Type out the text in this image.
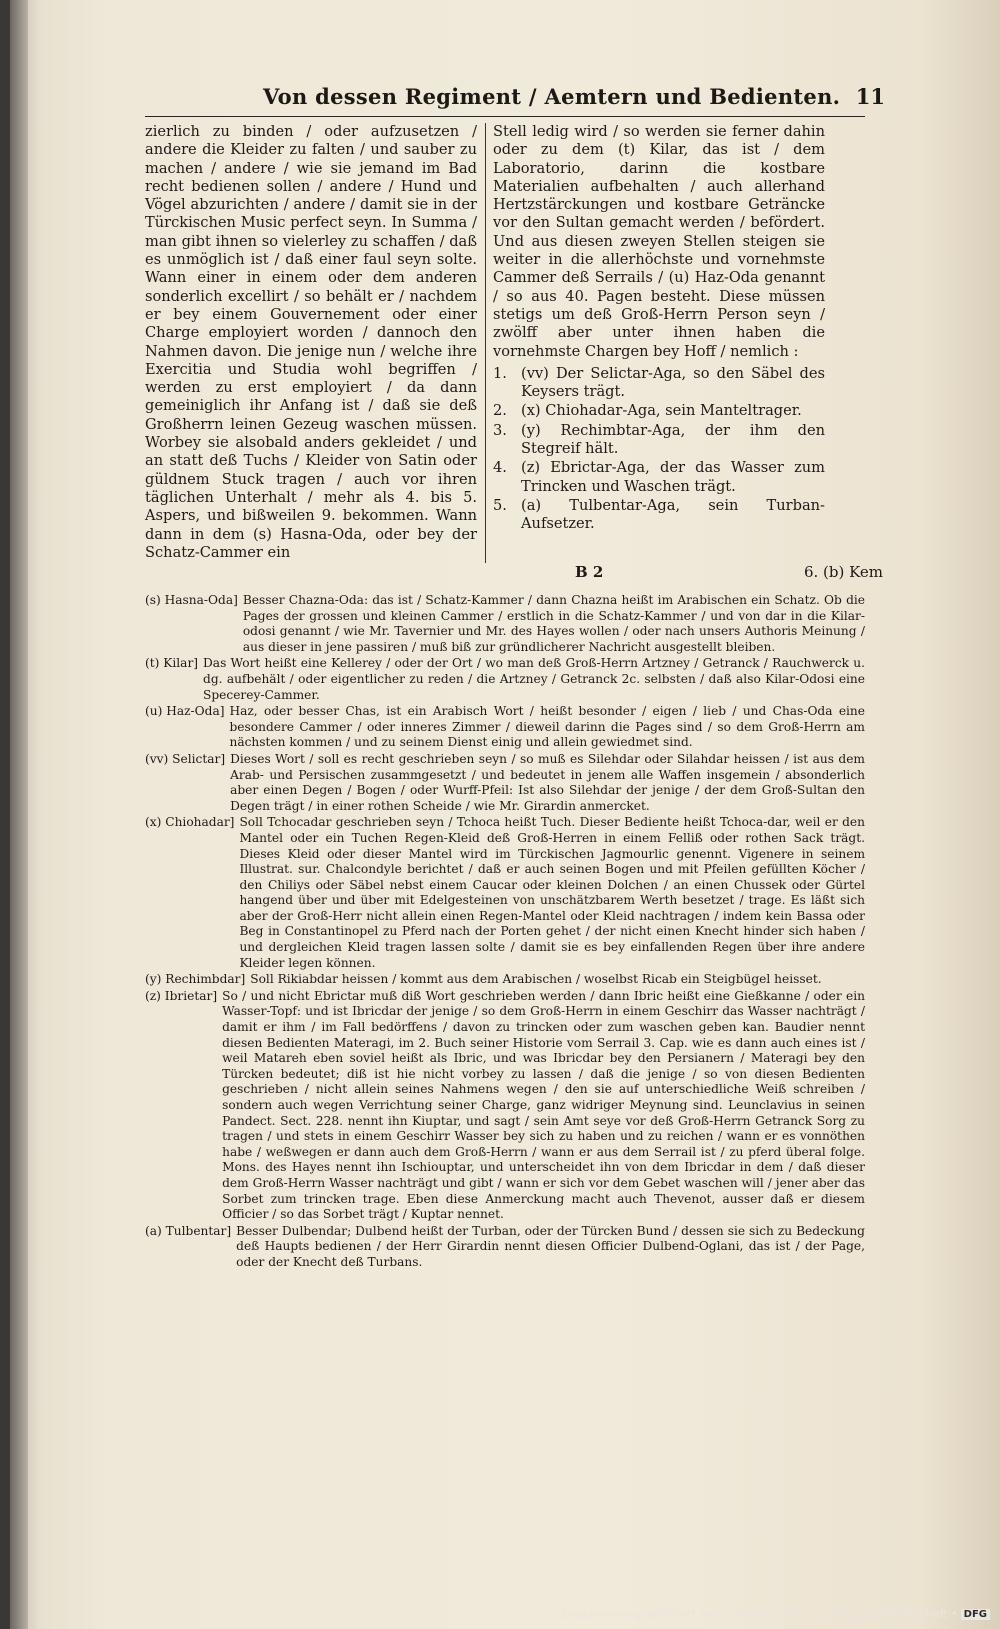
Von dessen Regiment / Aemtern und Bedienten. 11

zierlich zu binden / oder aufzusetzen / andere die Kleider zu falten / und sauber zu machen / andere / wie sie jemand im Bad recht bedienen sollen / andere / Hund und Vögel abzurichten / andere / damit sie in der Türckischen Music perfect seyn. In Summa / man gibt ihnen so vielerley zu schaffen / daß es unmöglich ist / daß einer faul seyn solte. Wann einer in einem oder dem anderen sonderlich excellirt / so behält er / nachdem er bey einem Gouvernement oder einer Charge employiert worden / dannoch den Nahmen davon. Die jenige nun / welche ihre Exercitia und Studia wohl begriffen / werden zu erst employiert / da dann gemeiniglich ihr Anfang ist / daß sie deß Großherrn leinen Gezeug waschen müssen. Worbey sie alsobald anders gekleidet / und an statt deß Tuchs / Kleider von Satin oder güldnem Stuck tragen / auch vor ihren täglichen Unterhalt / mehr als 4. bis 5. Aspers, und bißweilen 9. bekommen. Wann dann in dem (s) Hasna-Oda, oder bey der Schatz-Cammer ein

Stell ledig wird / so werden sie ferner dahin oder zu dem (t) Kilar, das ist / dem Laboratorio, darinn die kostbare Materialien aufbehalten / auch allerhand Hertzstärckungen und kostbare Geträncke vor den Sultan gemacht werden / befördert. Und aus diesen zweyen Stellen steigen sie weiter in die allerhöchste und vornehmste Cammer deß Serrails / (u) Haz-Oda genannt / so aus 40. Pagen besteht. Diese müssen stetigs um deß Groß-Herrn Person seyn / zwölff aber unter ihnen haben die vornehmste Chargen bey Hoff / nemlich :

1. (vv) Der Selictar-Aga, so den Säbel des Keysers trägt.
2. (x) Chiohadar-Aga, sein Manteltrager.
3. (y) Rechimbtar-Aga, der ihm den Stegreif hält.
4. (z) Ebrictar-Aga, der das Wasser zum Trincken und Waschen trägt.
5. (a) Tulbentar-Aga, sein Turban-Aufsetzer.
B 2	6. (b) Kem
(s) Hasna-Oda] Besser Chazna-Oda: das ist / Schatz-Kammer / dann Chazna heißt im Arabischen ein Schatz. Ob die Pages der grossen und kleinen Cammer / erstlich in die Schatz-Kammer / und von dar in die Kilar-odosi genannt / wie Mr. Tavernier und Mr. des Hayes wollen / oder nach unsers Authoris Meinung / aus dieser in jene passiren / muß biß zur gründlicherer Nachricht ausgestellt bleiben.
(t) Kilar] Das Wort heißt eine Kellerey / oder der Ort / wo man deß Groß-Herrn Artzney / Getranck / Rauchwerck u. dg. aufbehält / oder eigentlicher zu reden / die Artzney / Getranck 2c. selbsten / daß also Kilar-Odosi eine Specerey-Cammer.
(u) Haz-Oda] Haz, oder besser Chas, ist ein Arabisch Wort / heißt besonder / eigen / lieb / und Chas-Oda eine besondere Cammer / oder inneres Zimmer / dieweil darinn die Pages sind / so dem Groß-Herrn am nächsten kommen / und zu seinem Dienst einig und allein gewiedmet sind.
(vv) Selictar] Dieses Wort / soll es recht geschrieben seyn / so muß es Silehdar oder Silahdar heissen / ist aus dem Arab- und Persischen zusammgesetzt / und bedeutet in jenem alle Waffen insgemein / absonderlich aber einen Degen / Bogen / oder Wurff-Pfeil: Ist also Silehdar der jenige / der dem Groß-Sultan den Degen trägt / in einer rothen Scheide / wie Mr. Girardin anmercket.
(x) Chiohadar] Soll Tchocadar geschrieben seyn / Tchoca heißt Tuch. Dieser Bediente heißt Tchoca-dar, weil er den Mantel oder ein Tuchen Regen-Kleid deß Groß-Herren in einem Felliß oder rothen Sack trägt. Dieses Kleid oder dieser Mantel wird im Türckischen Jagmourlic genennt. Vigenere in seinem Illustrat. sur. Chalcondyle berichtet / daß er auch seinen Bogen und mit Pfeilen gefüllten Köcher / den Chiliys oder Säbel nebst einem Caucar oder kleinen Dolchen / an einen Chussek oder Gürtel hangend über und über mit Edelgesteinen von unschätzbarem Werth besetzet / trage. Es läßt sich aber der Groß-Herr nicht allein einen Regen-Mantel oder Kleid nachtragen / indem kein Bassa oder Beg in Constantinopel zu Pferd nach der Porten gehet / der nicht einen Knecht hinder sich haben / und dergleichen Kleid tragen lassen solte / damit sie es bey einfallenden Regen über ihre andere Kleider legen können.
(y) Rechimbdar] Soll Rikiabdar heissen / kommt aus dem Arabischen / woselbst Ricab ein Steigbügel heisset.
(z) Ibrietar] So / und nicht Ebrictar muß diß Wort geschrieben werden / dann Ibric heißt eine Gießkanne / oder ein Wasser-Topf: und ist Ibricdar der jenige / so dem Groß-Herrn in einem Geschirr das Wasser nachträgt / damit er ihm / im Fall bedörffens / davon zu trincken oder zum waschen geben kan. Baudier nennt diesen Bedienten Materagi, im 2. Buch seiner Historie vom Serrail 3. Cap. wie es dann auch eines ist / weil Matareh eben soviel heißt als Ibric, und was Ibricdar bey den Persianern / Materagi bey den Türcken bedeutet; diß ist hie nicht vorbey zu lassen / daß die jenige / so von diesen Bedienten geschrieben / nicht allein seines Nahmens wegen / den sie auf unterschiedliche Weiß schreiben / sondern auch wegen Verrichtung seiner Charge, ganz widriger Meynung sind. Leunclavius in seinen Pandect. Sect. 228. nennt ihn Kiuptar, und sagt / sein Amt seye vor deß Groß-Herrn Getranck Sorg zu tragen / und stets in einem Geschirr Wasser bey sich zu haben und zu reichen / wann er es vonnöthen habe / weßwegen er dann auch dem Groß-Herrn / wann er aus dem Serrail ist / zu pferd überal folge. Mons. des Hayes nennt ihn Ischiouptar, und unterscheidet ihn von dem Ibricdar in dem / daß dieser dem Groß-Herrn Wasser nachträgt und gibt / wann er sich vor dem Gebet waschen will / jener aber das Sorbet zum trincken trage. Eben diese Anmerckung macht auch Thevenot, ausser daß er diesem Officier / so das Sorbet trägt / Kuptar nennet.
(a) Tulbentar] Besser Dulbendar; Dulbend heißt der Turban, oder der Türcken Bund / dessen sie sich zu Bedeckung deß Haupts bedienen / der Herr Girardin nennt diesen Officier Dulbend-Oglani, das ist / der Page, oder der Knecht deß Turbans.
Digitalisierung gefördert durch die Deutsche Forschungsgemeinschaft • DFG
